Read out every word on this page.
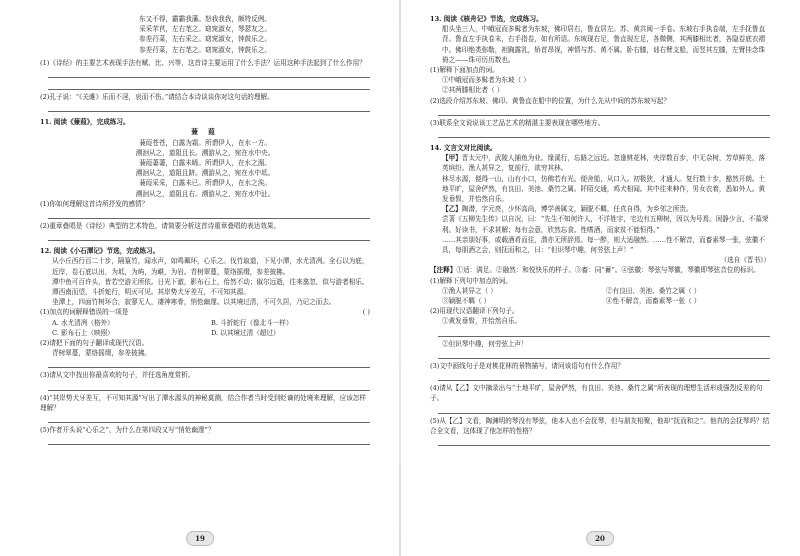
东又不得，霸霸我藩。怒我我我，颇特反例。
采采芣苢，左右芼之。窈窕淑女，琴瑟友之。
参差荇菜，左右采之。窈窕淑女，钟鼓乐之。
参差荇菜，左右芼之。窈窕淑女，钟鼓乐之。
(1)《诗经》的主要艺术表现手法有赋、比、兴等，这首诗主要运用了什么手法？运用这种手法起到了什么作用？
(2)孔子说：“《关雎》乐而不淫，哀而不伤。”请结合本诗谈谈你对这句话的理解。
11. 阅读《蒹葭》，完成练习。
蒹 葭
蒹葭苍苍，白露为霜。所谓伊人，在水一方。
溯洄从之，道阻且长。溯游从之，宛在水中央。
蒹葭萋萋，白露未晞。所谓伊人，在水之湄。
溯洄从之，道阻且跻。溯游从之，宛在水中坻。
蒹葭采采，白露未已。所谓伊人，在水之涘。
溯洄从之，道阻且右。溯游从之，宛在水中沚。
(1)你如何理解这首诗所抒发的感情？
(2)重章叠唱是《诗经》典型的艺术特色，请简要分析这首诗重章叠唱的表达效果。
12. 阅读《小石潭记》节选，完成练习。
从小丘西行百二十步，隔篁竹，闻水声，如鸣珮环，心乐之。伐竹取道，下见小潭，水尤清冽。全石以为底，近岸，卷石底以出，为坻，为屿，为嵁，为岩。青树翠蔓，蒙络摇缀，参差披拂。
潭中鱼可百许头，皆若空游无所依。日光下澈，影布石上，佁然不动；俶尔远逝，往来翕忽，似与游者相乐。
潭西南而望，斗折蛇行，明灭可见。其岸势犬牙差互，不可知其源。
坐潭上，四面竹树环合，寂寥无人，凄神寒骨，悄怆幽邃。以其境过清，不可久居，乃记之而去。
(1)加点的词解释错误的一项是	( )
A. 水尤清冽（格外）	B. 斗折蛇行（像北斗一样）
C. 影布石上（映照）	D. 以其境过清（超过）
(2)请把下面的句子翻译成现代汉语。
青树翠蔓，蒙络摇缀，参差披拂。
(3)请从文中找出你最喜欢的句子，并任选角度赏析。
(4)“其岸势犬牙差互，不可知其源”写出了潭水源头的神秘莫测，结合作者当时受到贬谪的处境来理解，应该怎样理解？
(5)作者开头说“心乐之”，为什么在第四段又写“悄怆幽邃”？
19
13. 阅读《核舟记》节选，完成练习。
船头坐三人，中峨冠而多髯者为东坡，佛印居右，鲁直居左。苏、黄共阅一手卷。东坡右手执卷端，左手抚鲁直背。鲁直左手执卷末，右手指卷，如有所语。东坡现右足，鲁直现左足，各微侧，其两膝相比者，各隐卷底衣褶中。佛印绝类弥勒，袒胸露乳，矫首昂视，神情与苏、黄不属。卧右膝，诎右臂支船，而竖其左膝，左臂挂念珠倚之——珠可历历数也。
(1)解释下面加点的词。
①中峨冠而多髯者为东坡（ ）
②其两膝相比者（ ）
(2)选段介绍苏东坡、佛印、黄鲁直在船中的位置，为什么先从中间的苏东坡写起？
(3)联系全文说说该工艺品艺术的精湛主要表现在哪些地方。
14. 文言文对比阅读。
【甲】晋太元中，武陵人捕鱼为业。缘溪行，忘路之远近。忽逢桃花林，夹岸数百步，中无杂树，芳草鲜美，落英缤纷。渔人甚异之，复前行，欲穷其林。
林尽水源，便得一山，山有小口，仿佛若有光。便舍船，从口入。初极狭，才通人。复行数十步，豁然开朗。土地平旷，屋舍俨然，有良田、美池、桑竹之属。阡陌交通，鸡犬相闻。其中往来种作，男女衣着，悉如外人。黄发垂髫，并怡然自乐。
【乙】陶潜，字元亮，少怀高尚，博学善属文，颖脱不羁，任真自得，为乡邻之所贵。
尝著《五柳先生传》以自况，曰：“先生不知何许人，不详姓字，宅边有五柳树，因以为号焉。闲静少言，不慕荣利。好读书，不求甚解；每有会意，欣然忘食。性嗜酒，而家贫不能恒得。”
……其亲朋好事，或载酒肴而往，潜亦无所辞焉。每一醉，则大适融然。……性不解音，而畜素琴一张，弦徽不具，每朋酒之会，则抚而和之，曰：“但识琴中趣，何劳弦上声！”
（选自《晋书》）
【注释】①适：满足。②融然：和悦快乐的样子。③畜：同“蓄”。④弦徽：琴弦与琴徽，琴徽即琴弦音位的标识。
(1)解释下列句中加点的词。
①渔人甚异之（ ）	②有良田、美池、桑竹之属（ ）
③颖脱不羁（ ）	④性不解音，而畜素琴一张（ ）
(2)用现代汉语翻译下列句子。
①黄发垂髫，并怡然自乐。
②但识琴中趣，何劳弦上声！
(3)文中画线句子是对桃花林的景物描写，请问该语句有什么作用？
(4)请从【乙】文中摘录出与“土地平旷，屋舍俨然，有良田、美池、桑竹之属”所表现的理想生活形成强烈反差的句子。
(5)从【乙】文看，陶渊明的琴没有琴弦，他本人也不会抚琴，但与朋友相聚，他却“抚而和之”。他真的会抚琴吗？结合全文看，这体现了他怎样的性格？
20
